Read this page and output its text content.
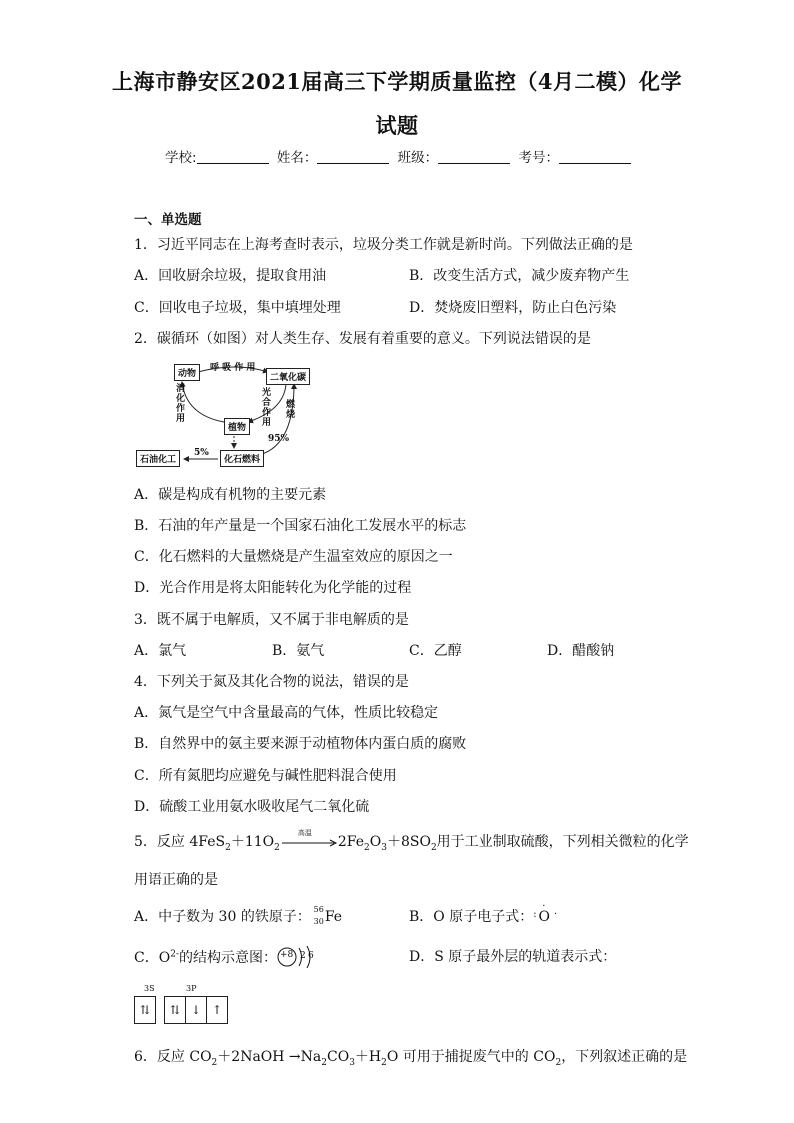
上海市静安区2021届高三下学期质量监控（4月二模）化学
试题
学校:	姓名：	班级：	考号：
一、单选题
1．习近平同志在上海考查时表示，垃圾分类工作就是新时尚。下列做法正确的是
A．回收厨余垃圾，提取食用油	B．改变生活方式，减少废弃物产生
C．回收电子垃圾，集中填埋处理	D．焚烧废旧塑料，防止白色污染
2．碳循环（如图）对人类生存、发展有着重要的意义。下列说法错误的是
动物	二氧化碳
植物
化石燃料
石油化工
呼 吸 作 用
消化作用
光合作用
燃烧
95%
5%
A．碳是构成有机物的主要元素
B．石油的年产量是一个国家石油化工发展水平的标志
C．化石燃料的大量燃烧是产生温室效应的原因之一
D．光合作用是将太阳能转化为化学能的过程
3．既不属于电解质，又不属于非电解质的是
A．氯气	B．氨气	C．乙醇	D．醋酸钠
4．下列关于氮及其化合物的说法，错误的是
A．氮气是空气中含量最高的气体，性质比较稳定
B．自然界中的氨主要来源于动植物体内蛋白质的腐败
C．所有氮肥均应避免与碱性肥料混合使用
D．硫酸工业用氨水吸收尾气二氧化硫
5．反应 $4FeS_2+11O_2$
高温
$2Fe_2O_3+8SO_2$用于工业制取硫酸，下列相关微粒的化学
用语正确的是
A．中子数为 30 的铁原子： 56
30 Fe	B．O 原子电子式：
·
: O ·
C．$O^{2-}$的结构示意图： +8 2 6	D．S 原子最外层的轨道表示式：
3S	3P
⇅	⇅ ↓ ↑
6．反应 $CO_2+2NaOH \to Na_2CO_3+H_2O$ 可用于捕捉废气中的 $CO_2$，下列叙述正确的是
